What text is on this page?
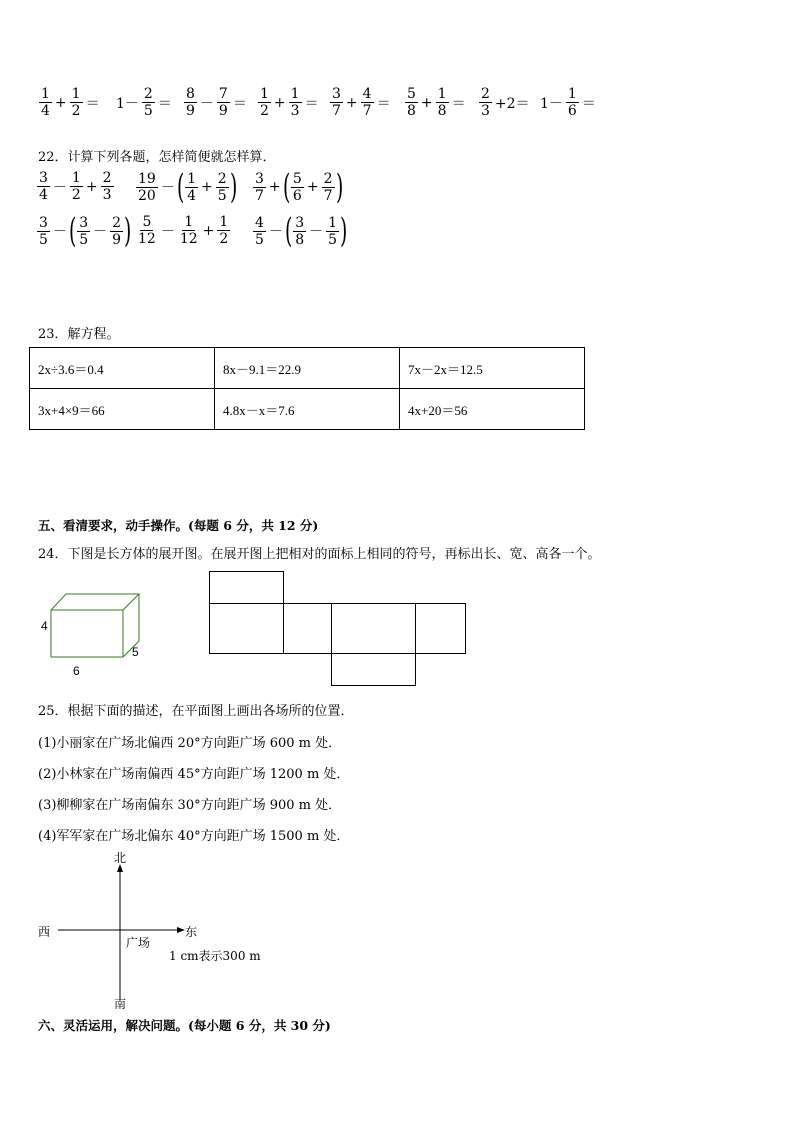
$\frac{1}{4} + \frac{1}{2} = 1- \frac{2}{5} = \frac{8}{9} - \frac{7}{9} = \frac{1}{2} + \frac{1}{3} = \frac{3}{7} + \frac{4}{7} = \frac{5}{8} + \frac{1}{8} = \frac{2}{3} +2= 1- \frac{1}{6}$ ＝
22．计算下列各题，怎样简便就怎样算．
$\frac{3}{4} - \frac{1}{2} + \frac{2}{3} \frac{19}{20}$ － ( $\frac{1}{4} + \frac{2}{5}$ ) $\frac{3}{7}$ + ( $\frac{5}{6} + \frac{2}{7}$ )
$\frac{3}{5}$ － ( $\frac{3}{5} - \frac{2}{9}$ ) $\frac{5}{12} - \frac{1}{12} + \frac{1}{2} \frac{4}{5}$ － ( $\frac{3}{8} - \frac{1}{5}$ )
23．解方程。
2x÷3.6＝0.4	8x－9.1＝22.9	7x－2x＝12.5
3x+4×9＝66	4.8x－x＝7.6	4x+20＝56
五、看清要求，动手操作。(每题 6 分，共 12 分)
24．下图是长方体的展开图。在展开图上把相对的面标上相同的符号，再标出长、宽、高各一个。
4
6
5
25．根据下面的描述，在平面图上画出各场所的位置．
(1)小丽家在广场北偏西 20°方向距广场 600 m 处．
(2)小林家在广场南偏西 45°方向距广场 1200 m 处．
(3)柳柳家在广场南偏东 30°方向距广场 900 m 处．
(4)军军家在广场北偏东 40°方向距广场 1500 m 处．
北
南
西	东
广场
1 cm表示300 m
六、灵活运用，解决问题。(每小题 6 分，共 30 分)
